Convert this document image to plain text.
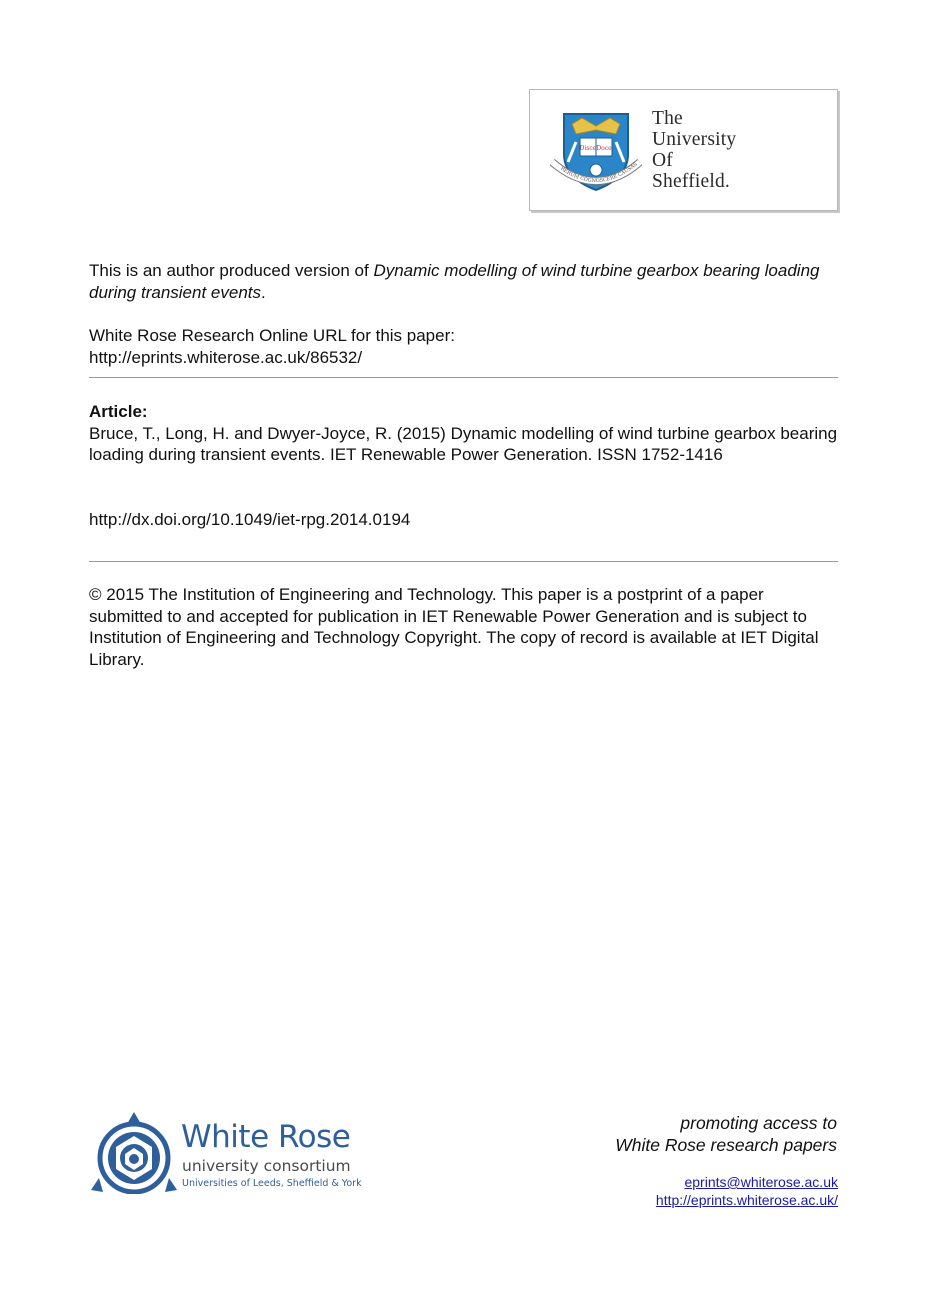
Disce Doce
RERUM COGNOSCERE CAUSAS
The
University
Of
Sheffield.
This is an author produced version of Dynamic modelling of wind turbine gearbox bearing loading during transient events.
White Rose Research Online URL for this paper:
http://eprints.whiterose.ac.uk/86532/
Article:
Bruce, T., Long, H. and Dwyer-Joyce, R. (2015) Dynamic modelling of wind turbine gearbox bearing loading during transient events. IET Renewable Power Generation. ISSN 1752-1416
http://dx.doi.org/10.1049/iet-rpg.2014.0194
© 2015 The Institution of Engineering and Technology. This paper is a postprint of a paper submitted to and accepted for publication in IET Renewable Power Generation and is subject to Institution of Engineering and Technology Copyright. The copy of record is available at IET Digital Library.
White Rose
university consortium
Universities of Leeds, Sheffield & York
promoting access to
White Rose research papers
eprints@whiterose.ac.uk
http://eprints.whiterose.ac.uk/
